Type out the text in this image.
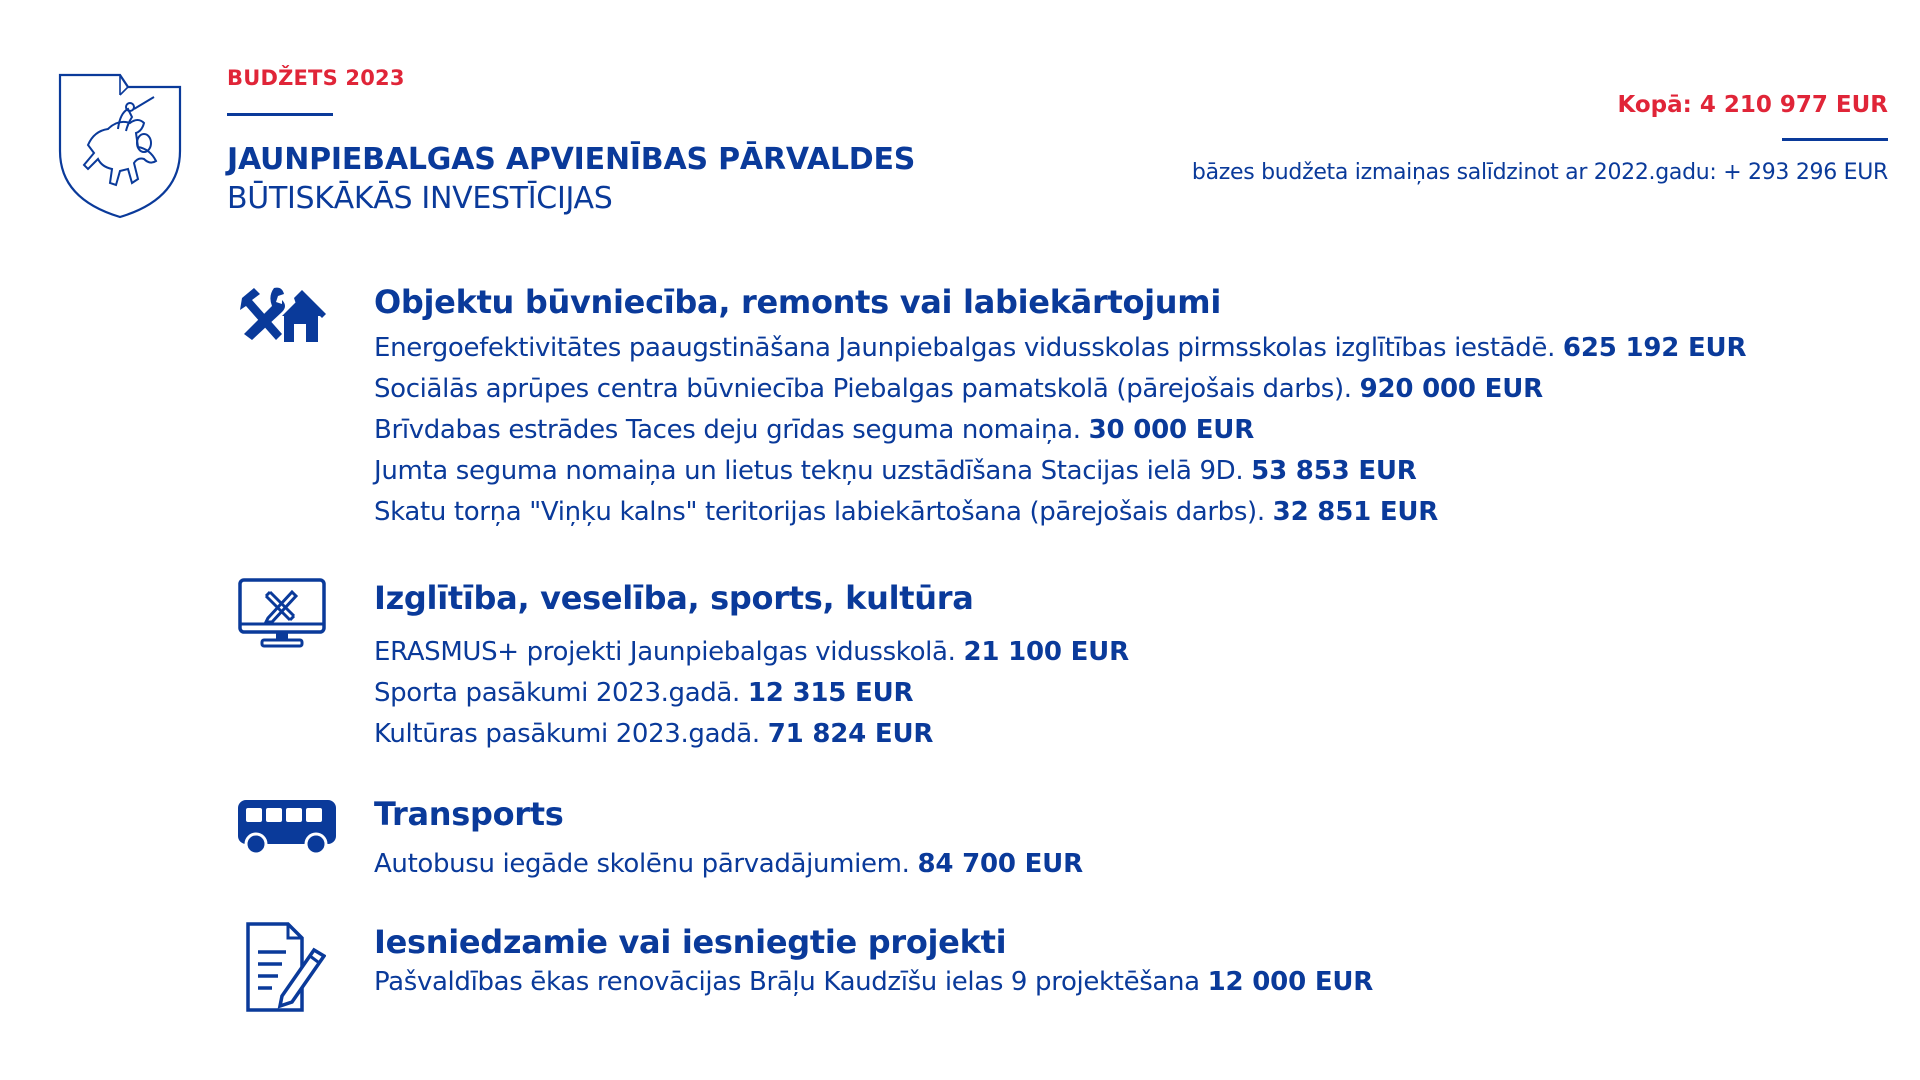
BUDŽETS 2023
JAUNPIEBALGAS APVIENĪBAS PĀRVALDES
BŪTISKĀKĀS INVESTĪCIJAS
Kopā: 4 210 977 EUR
bāzes budžeta izmaiņas salīdzinot ar 2022.gadu: + 293 296 EUR
Objektu būvniecība, remonts vai labiekārtojumi
Energoefektivitātes paaugstināšana Jaunpiebalgas vidusskolas pirmsskolas izglītības iestādē. 625 192 EUR
Sociālās aprūpes centra būvniecība Piebalgas pamatskolā (pārejošais darbs). 920 000 EUR
Brīvdabas estrādes Taces deju grīdas seguma nomaiņa. 30 000 EUR
Jumta seguma nomaiņa un lietus tekņu uzstādīšana Stacijas ielā 9D. 53 853 EUR
Skatu torņa "Viņķu kalns" teritorijas labiekārtošana (pārejošais darbs). 32 851 EUR
Izglītība, veselība, sports, kultūra
ERASMUS+ projekti Jaunpiebalgas vidusskolā. 21 100 EUR
Sporta pasākumi 2023.gadā. 12 315 EUR
Kultūras pasākumi 2023.gadā. 71 824 EUR
Transports
Autobusu iegāde skolēnu pārvadājumiem. 84 700 EUR
Iesniedzamie vai iesniegtie projekti
Pašvaldības ēkas renovācijas Brāļu Kaudzīšu ielas 9 projektēšana 12 000 EUR
